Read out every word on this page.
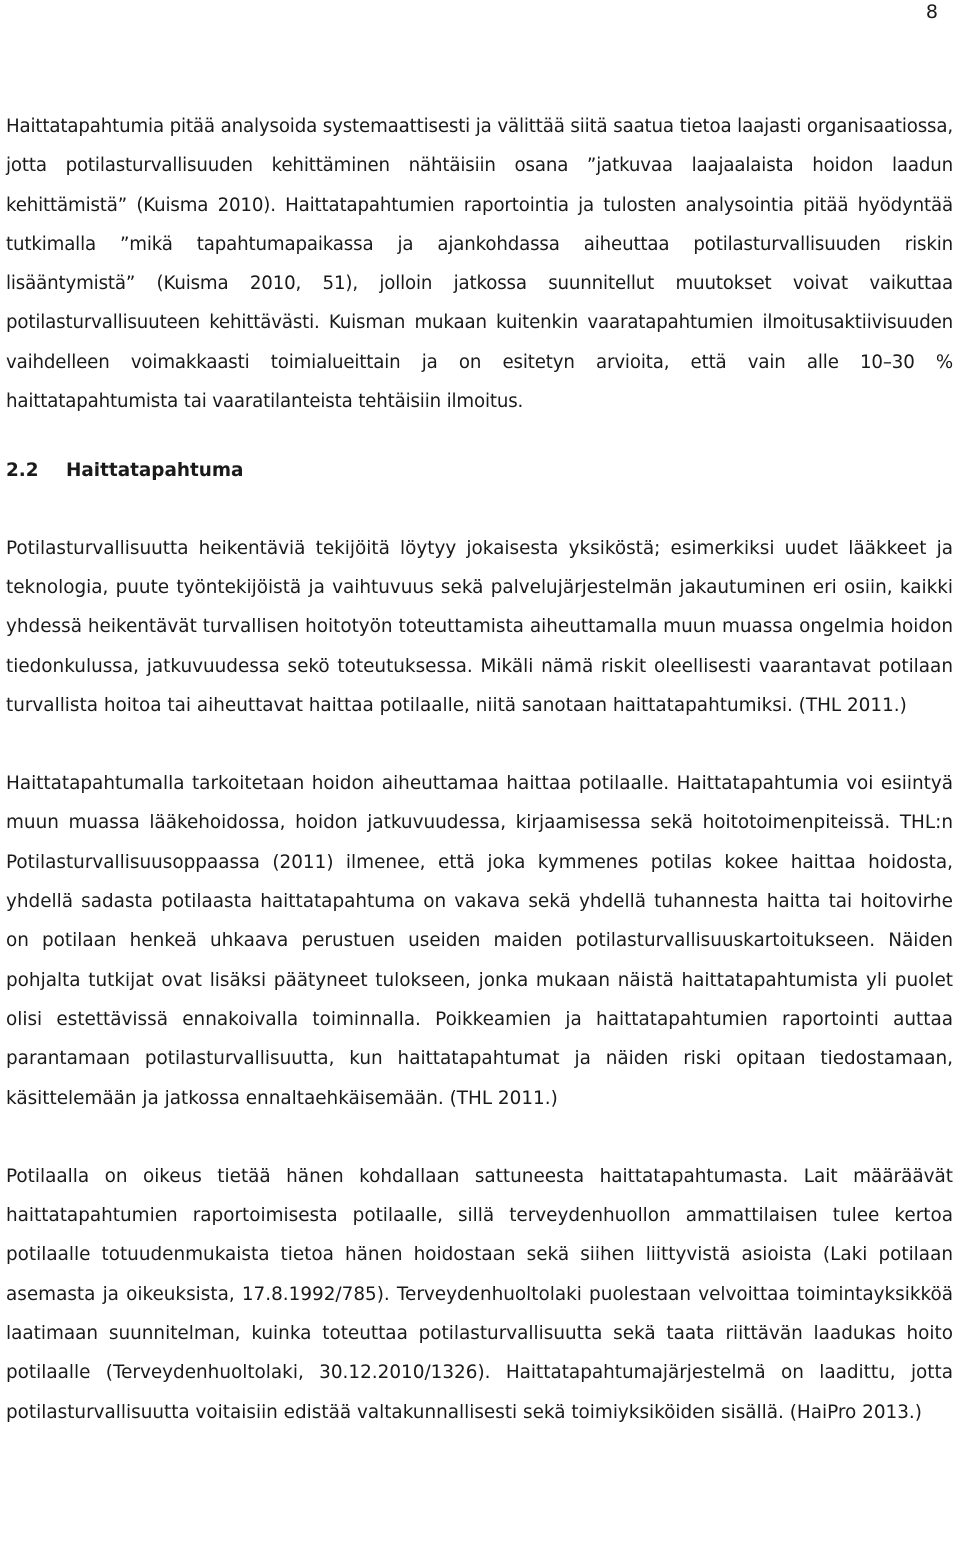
8

Haittatapahtumia pitää analysoida systemaattisesti ja välittää siitä saatua tietoa laajasti organisaatiossa, jotta potilasturvallisuuden kehittäminen nähtäisiin osana ”jatkuvaa laajaalaista hoidon laadun kehittämistä” (Kuisma 2010). Haittatapahtumien raportointia ja tulosten analysointia pitää hyödyntää tutkimalla ”mikä tapahtumapaikassa ja ajankohdassa aiheuttaa potilasturvallisuuden riskin lisääntymistä” (Kuisma 2010, 51), jolloin jatkossa suunnitellut muutokset voivat vaikuttaa potilasturvallisuuteen kehittävästi. Kuisman mukaan kuitenkin vaaratapahtumien ilmoitusaktiivisuuden vaihdelleen voimakkaasti toimialueittain ja on esitetyn arvioita, että vain alle 10–30 % haittatapahtumista tai vaaratilanteista tehtäisiin ilmoitus.

2.2	Haittatapahtuma

Potilasturvallisuutta heikentäviä tekijöitä löytyy jokaisesta yksiköstä; esimerkiksi uudet lääkkeet ja teknologia, puute työntekijöistä ja vaihtuvuus sekä palvelujärjestelmän jakautuminen eri osiin, kaikki yhdessä heikentävät turvallisen hoitotyön toteuttamista aiheuttamalla muun muassa ongelmia hoidon tiedonkulussa, jatkuvuudessa sekö toteutuksessa. Mikäli nämä riskit oleellisesti vaarantavat potilaan turvallista hoitoa tai aiheuttavat haittaa potilaalle, niitä sanotaan haittatapahtumiksi. (THL 2011.)

Haittatapahtumalla tarkoitetaan hoidon aiheuttamaa haittaa potilaalle. Haittatapahtumia voi esiintyä muun muassa lääkehoidossa, hoidon jatkuvuudessa, kirjaamisessa sekä hoitotoimenpiteissä. THL:n Potilasturvallisuusoppaassa (2011) ilmenee, että joka kymmenes potilas kokee haittaa hoidosta, yhdellä sadasta potilaasta haittatapahtuma on vakava sekä yhdellä tuhannesta haitta tai hoitovirhe on potilaan henkeä uhkaava perustuen useiden maiden potilasturvallisuuskartoitukseen. Näiden pohjalta tutkijat ovat lisäksi päätyneet tulokseen, jonka mukaan näistä haittatapahtumista yli puolet olisi estettävissä ennakoivalla toiminnalla. Poikkeamien ja haittatapahtumien raportointi auttaa parantamaan potilasturvallisuutta, kun haittatapahtumat ja näiden riski opitaan tiedostamaan, käsittelemään ja jatkossa ennaltaehkäisemään. (THL 2011.)

Potilaalla on oikeus tietää hänen kohdallaan sattuneesta haittatapahtumasta. Lait määräävät haittatapahtumien raportoimisesta potilaalle, sillä terveydenhuollon ammattilaisen tulee kertoa potilaalle totuudenmukaista tietoa hänen hoidostaan sekä siihen liittyvistä asioista (Laki potilaan asemasta ja oikeuksista, 17.8.1992/785). Terveydenhuoltolaki puolestaan velvoittaa toimintayksikköä laatimaan suunnitelman, kuinka toteuttaa potilasturvallisuutta sekä taata riittävän laadukas hoito potilaalle (Terveydenhuoltolaki, 30.12.2010/1326). Haittatapahtumajärjestelmä on laadittu, jotta potilasturvallisuutta voitaisiin edistää valtakunnallisesti sekä toimiyksiköiden sisällä. (HaiPro 2013.)
